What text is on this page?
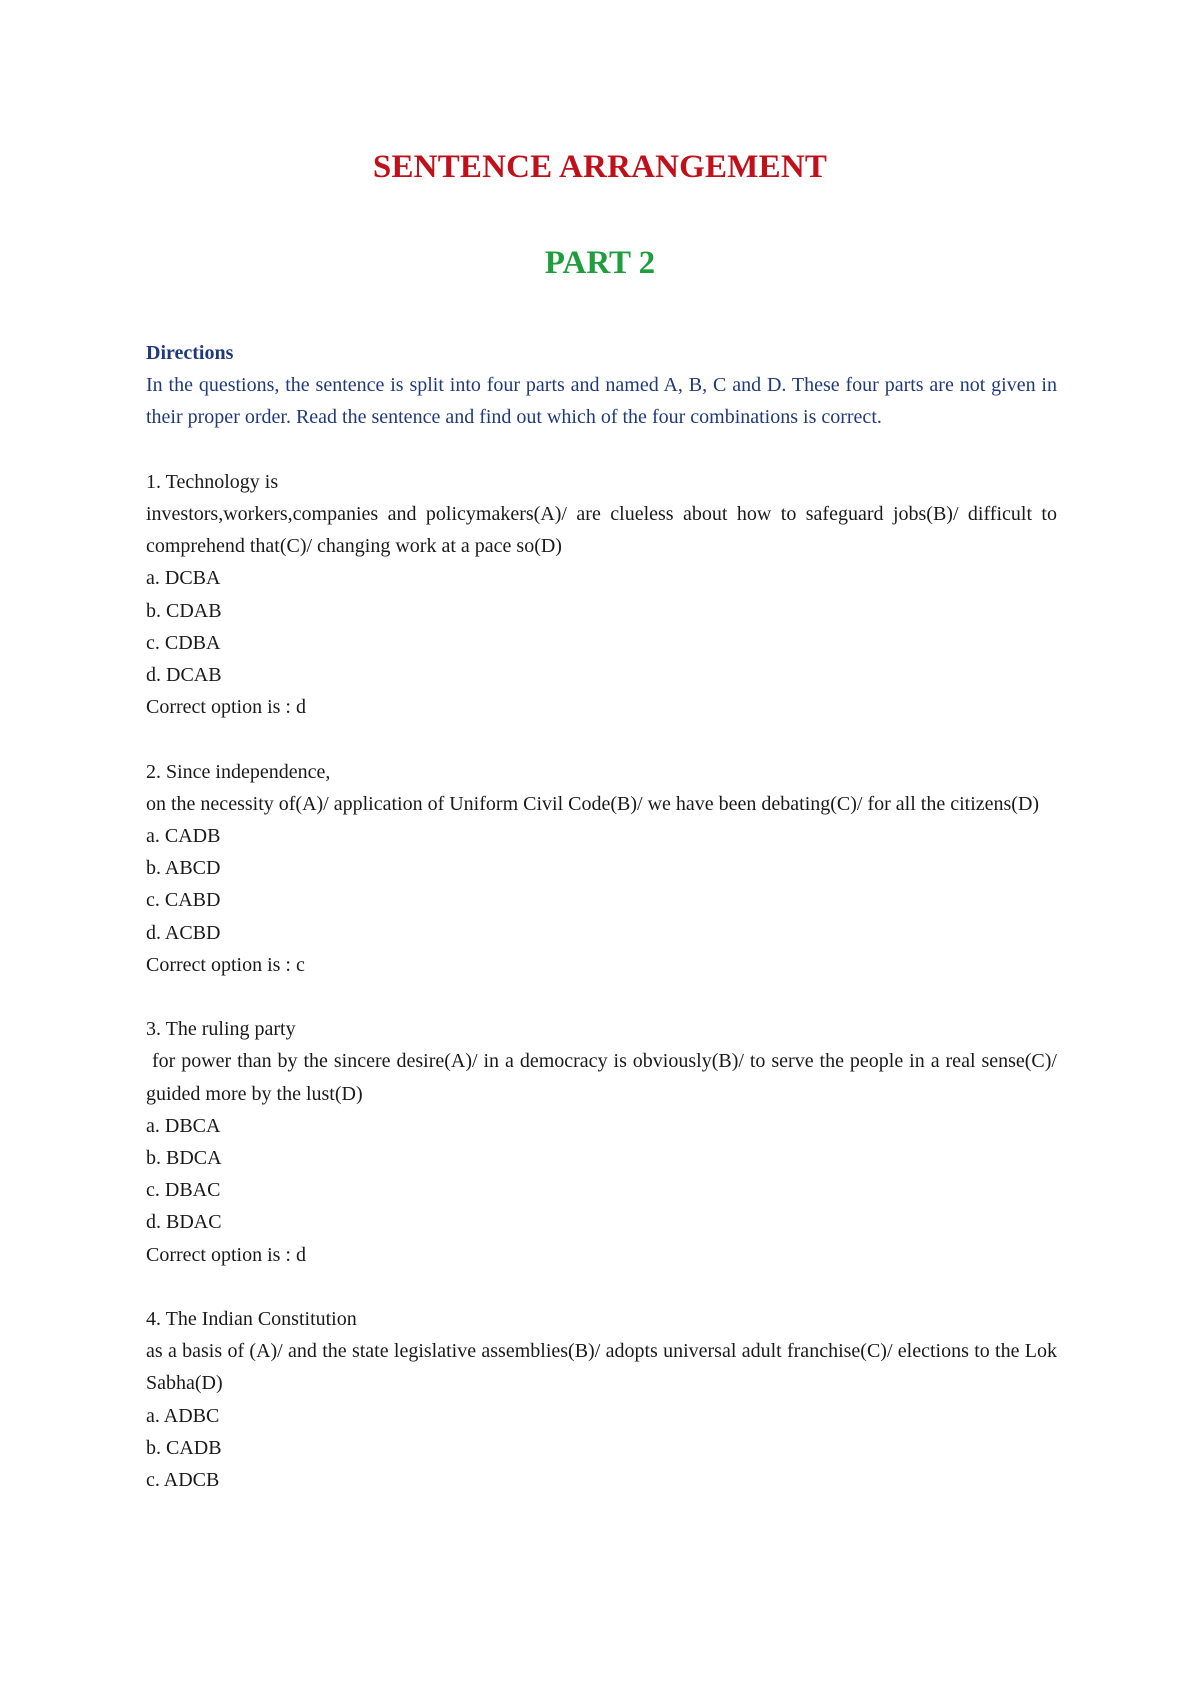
SENTENCE ARRANGEMENT
PART 2

Directions

In the questions, the sentence is split into four parts and named A, B, C and D. These four parts are not given in their proper order. Read the sentence and find out which of the four combinations is correct.

1. Technology is

investors,workers,companies and policymakers(A)/ are clueless about how to safeguard jobs(B)/ difficult to comprehend that(C)/ changing work at a pace so(D)

a. DCBA

b. CDAB

c. CDBA

d. DCAB

Correct option is : d

2. Since independence,

on the necessity of(A)/ application of Uniform Civil Code(B)/ we have been debating(C)/ for all the citizens(D)

a. CADB

b. ABCD

c. CABD

d. ACBD

Correct option is : c

3. The ruling party

for power than by the sincere desire(A)/ in a democracy is obviously(B)/ to serve the people in a real sense(C)/ guided more by the lust(D)

a. DBCA

b. BDCA

c. DBAC

d. BDAC

Correct option is : d

4. The Indian Constitution

as a basis of (A)/ and the state legislative assemblies(B)/ adopts universal adult franchise(C)/ elections to the Lok Sabha(D)

a. ADBC

b. CADB

c. ADCB
